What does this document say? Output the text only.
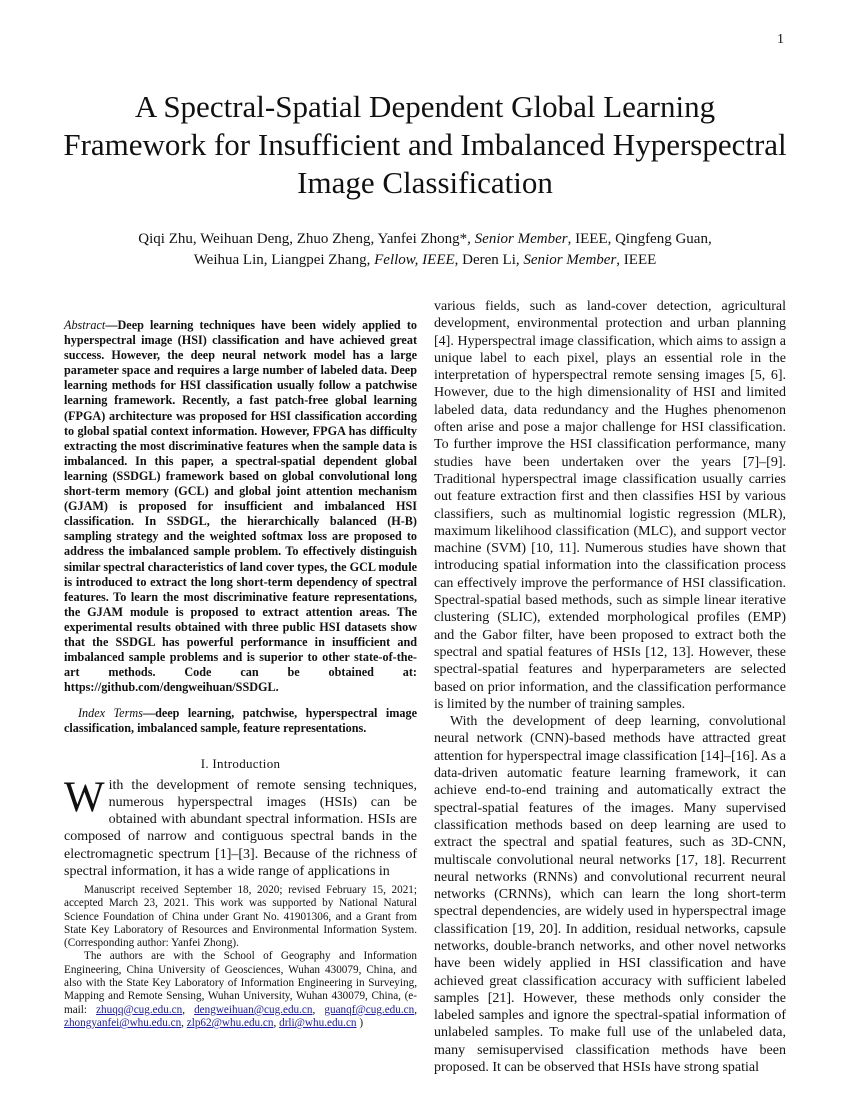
1
A Spectral-Spatial Dependent Global Learning Framework for Insufficient and Imbalanced Hyperspectral Image Classification
Qiqi Zhu, Weihuan Deng, Zhuo Zheng, Yanfei Zhong*, Senior Member, IEEE, Qingfeng Guan,
Weihua Lin, Liangpei Zhang, Fellow, IEEE, Deren Li, Senior Member, IEEE

Abstract—Deep learning techniques have been widely applied to hyperspectral image (HSI) classification and have achieved great success. However, the deep neural network model has a large parameter space and requires a large number of labeled data. Deep learning methods for HSI classification usually follow a patchwise learning framework. Recently, a fast patch-free global learning (FPGA) architecture was proposed for HSI classification according to global spatial context information. However, FPGA has difficulty extracting the most discriminative features when the sample data is imbalanced. In this paper, a spectral-spatial dependent global learning (SSDGL) framework based on global convolutional long short-term memory (GCL) and global joint attention mechanism (GJAM) is proposed for insufficient and imbalanced HSI classification. In SSDGL, the hierarchically balanced (H-B) sampling strategy and the weighted softmax loss are proposed to address the imbalanced sample problem. To effectively distinguish similar spectral characteristics of land cover types, the GCL module is introduced to extract the long short-term dependency of spectral features. To learn the most discriminative feature representations, the GJAM module is proposed to extract attention areas. The experimental results obtained with three public HSI datasets show that the SSDGL has powerful performance in insufficient and imbalanced sample problems and is superior to other state-of-the-art methods. Code can be obtained at: https://github.com/dengweihuan/SSDGL.

Index Terms—deep learning, patchwise, hyperspectral image classification, imbalanced sample, feature representations.

I. Introduction

With the development of remote sensing techniques, numerous hyperspectral images (HSIs) can be obtained with abundant spectral information. HSIs are composed of narrow and contiguous spectral bands in the electromagnetic spectrum [1]–[3]. Because of the richness of spectral information, it has a wide range of applications in

Manuscript received September 18, 2020; revised February 15, 2021; accepted March 23, 2021. This work was supported by National Natural Science Foundation of China under Grant No. 41901306, and a Grant from State Key Laboratory of Resources and Environmental Information System. (Corresponding author: Yanfei Zhong).

The authors are with the School of Geography and Information Engineering, China University of Geosciences, Wuhan 430079, China, and also with the State Key Laboratory of Information Engineering in Surveying, Mapping and Remote Sensing, Wuhan University, Wuhan 430079, China, (e-mail: zhuqq@cug.edu.cn, dengweihuan@cug.edu.cn, guanqf@cug.edu.cn, zhongyanfei@whu.edu.cn, zlp62@whu.edu.cn, drli@whu.edu.cn )

various fields, such as land-cover detection, agricultural development, environmental protection and urban planning [4]. Hyperspectral image classification, which aims to assign a unique label to each pixel, plays an essential role in the interpretation of hyperspectral remote sensing images [5, 6]. However, due to the high dimensionality of HSI and limited labeled data, data redundancy and the Hughes phenomenon often arise and pose a major challenge for HSI classification. To further improve the HSI classification performance, many studies have been undertaken over the years [7]–[9]. Traditional hyperspectral image classification usually carries out feature extraction first and then classifies HSI by various classifiers, such as multinomial logistic regression (MLR), maximum likelihood classification (MLC), and support vector machine (SVM) [10, 11]. Numerous studies have shown that introducing spatial information into the classification process can effectively improve the performance of HSI classification. Spectral-spatial based methods, such as simple linear iterative clustering (SLIC), extended morphological profiles (EMP) and the Gabor filter, have been proposed to extract both the spectral and spatial features of HSIs [12, 13]. However, these spectral-spatial features and hyperparameters are selected based on prior information, and the classification performance is limited by the number of training samples.

With the development of deep learning, convolutional neural network (CNN)-based methods have attracted great attention for hyperspectral image classification [14]–[16]. As a data-driven automatic feature learning framework, it can achieve end-to-end training and automatically extract the spectral-spatial features of the images. Many supervised classification methods based on deep learning are used to extract the spectral and spatial features, such as 3D-CNN, multiscale convolutional neural networks [17, 18]. Recurrent neural networks (RNNs) and convolutional recurrent neural networks (CRNNs), which can learn the long short-term spectral dependencies, are widely used in hyperspectral image classification [19, 20]. In addition, residual networks, capsule networks, double-branch networks, and other novel networks have been widely applied in HSI classification and have achieved great classification accuracy with sufficient labeled samples [21]. However, these methods only consider the labeled samples and ignore the spectral-spatial information of unlabeled samples. To make full use of the unlabeled data, many semisupervised classification methods have been proposed. It can be observed that HSIs have strong spatial
